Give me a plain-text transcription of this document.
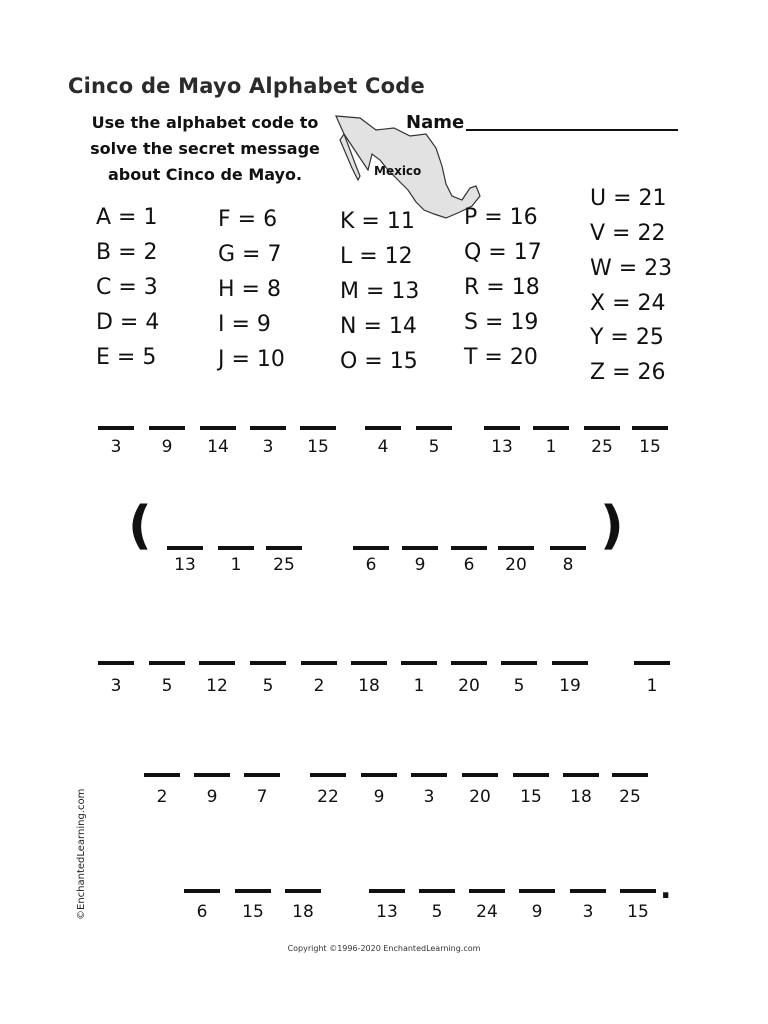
Cinco de Mayo Alphabet Code
Use the alphabet code to
solve the secret message
about Cinco de Mayo.	Mexico
Name
A = 1
B = 2
C = 3
D = 4
E = 5
F = 6
G = 7
H = 8
I = 9
J = 10
K = 11
L = 12
M = 13
N = 14
O = 15
P = 16
Q = 17
R = 18
S = 19
T = 20
U = 21
V = 22
W = 23
X = 24
Y = 25
Z = 26
3	9	14	3	15	4	5	13	1	25	15
13	1	25	6	9	6	20	8
3	5	12	5	2	18	1	20	5	19	1
2	9	7	22	9	3	20	15	18	25
6	15	18	13	5	24	9	3	15
(	)
.
©EnchantedLearning.com
Copyright ©1996-2020 EnchantedLearning.com
